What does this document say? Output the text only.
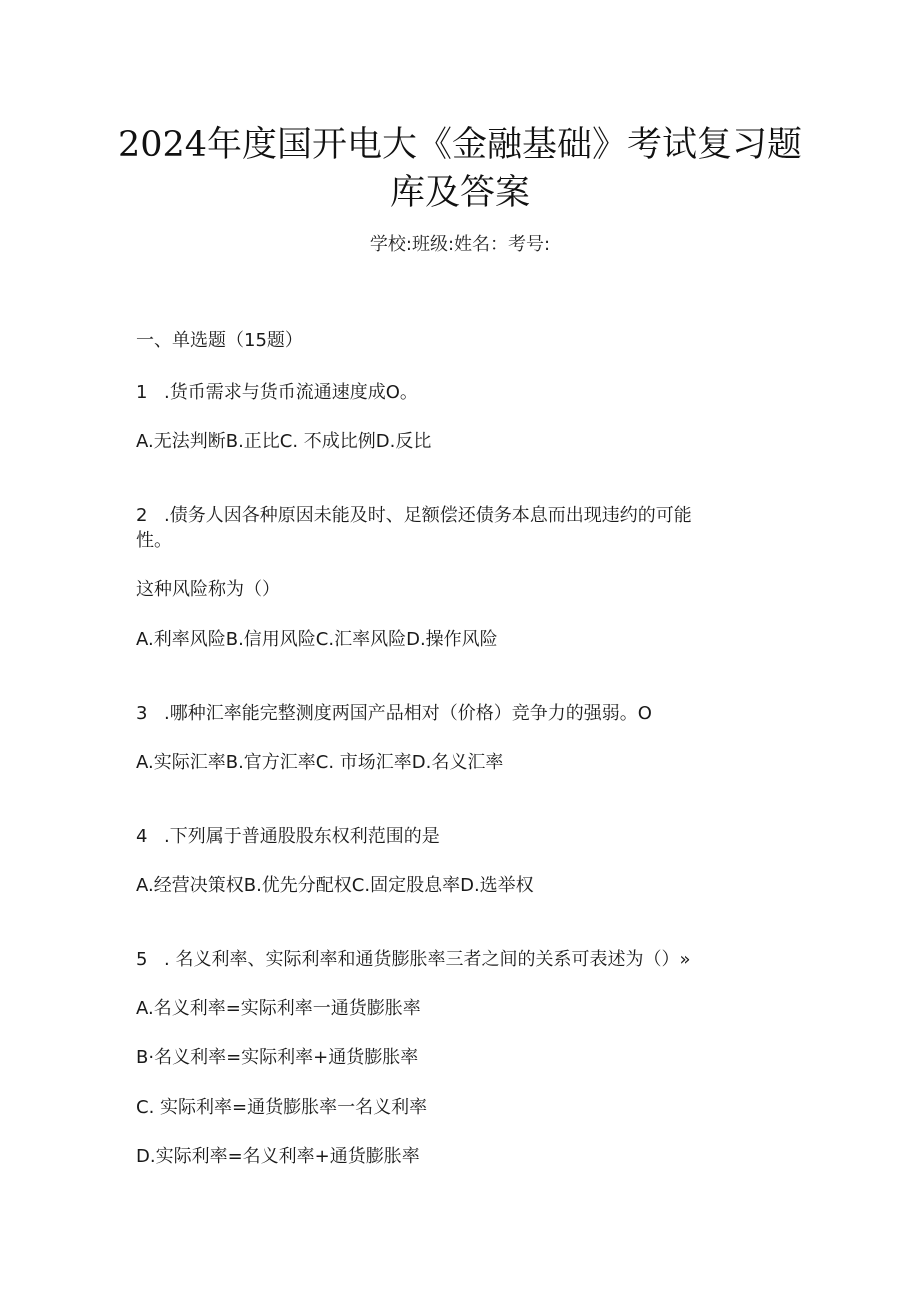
2024年度国开电大《金融基础》考试复习题
库及答案
学校:班级:姓名：考号:
一、单选题（15题）
1 .货币需求与货币流通速度成O。
A.无法判断B.正比C. 不成比例D.反比
2 .债务人因各种原因未能及时、足额偿还债务本息而出现违约的可能
性。
这种风险称为（）
A.利率风险B.信用风险C.汇率风险D.操作风险
3 .哪种汇率能完整测度两国产品相对（价格）竞争力的强弱。O
A.实际汇率B.官方汇率C. 市场汇率D.名义汇率
4 .下列属于普通股股东权利范围的是
A.经营决策权B.优先分配权C.固定股息率D.选举权
5 . 名义利率、实际利率和通货膨胀率三者之间的关系可表述为（）»
A.名义利率=实际利率一通货膨胀率
B·名义利率=实际利率+通货膨胀率
C. 实际利率=通货膨胀率一名义利率
D.实际利率=名义利率+通货膨胀率
